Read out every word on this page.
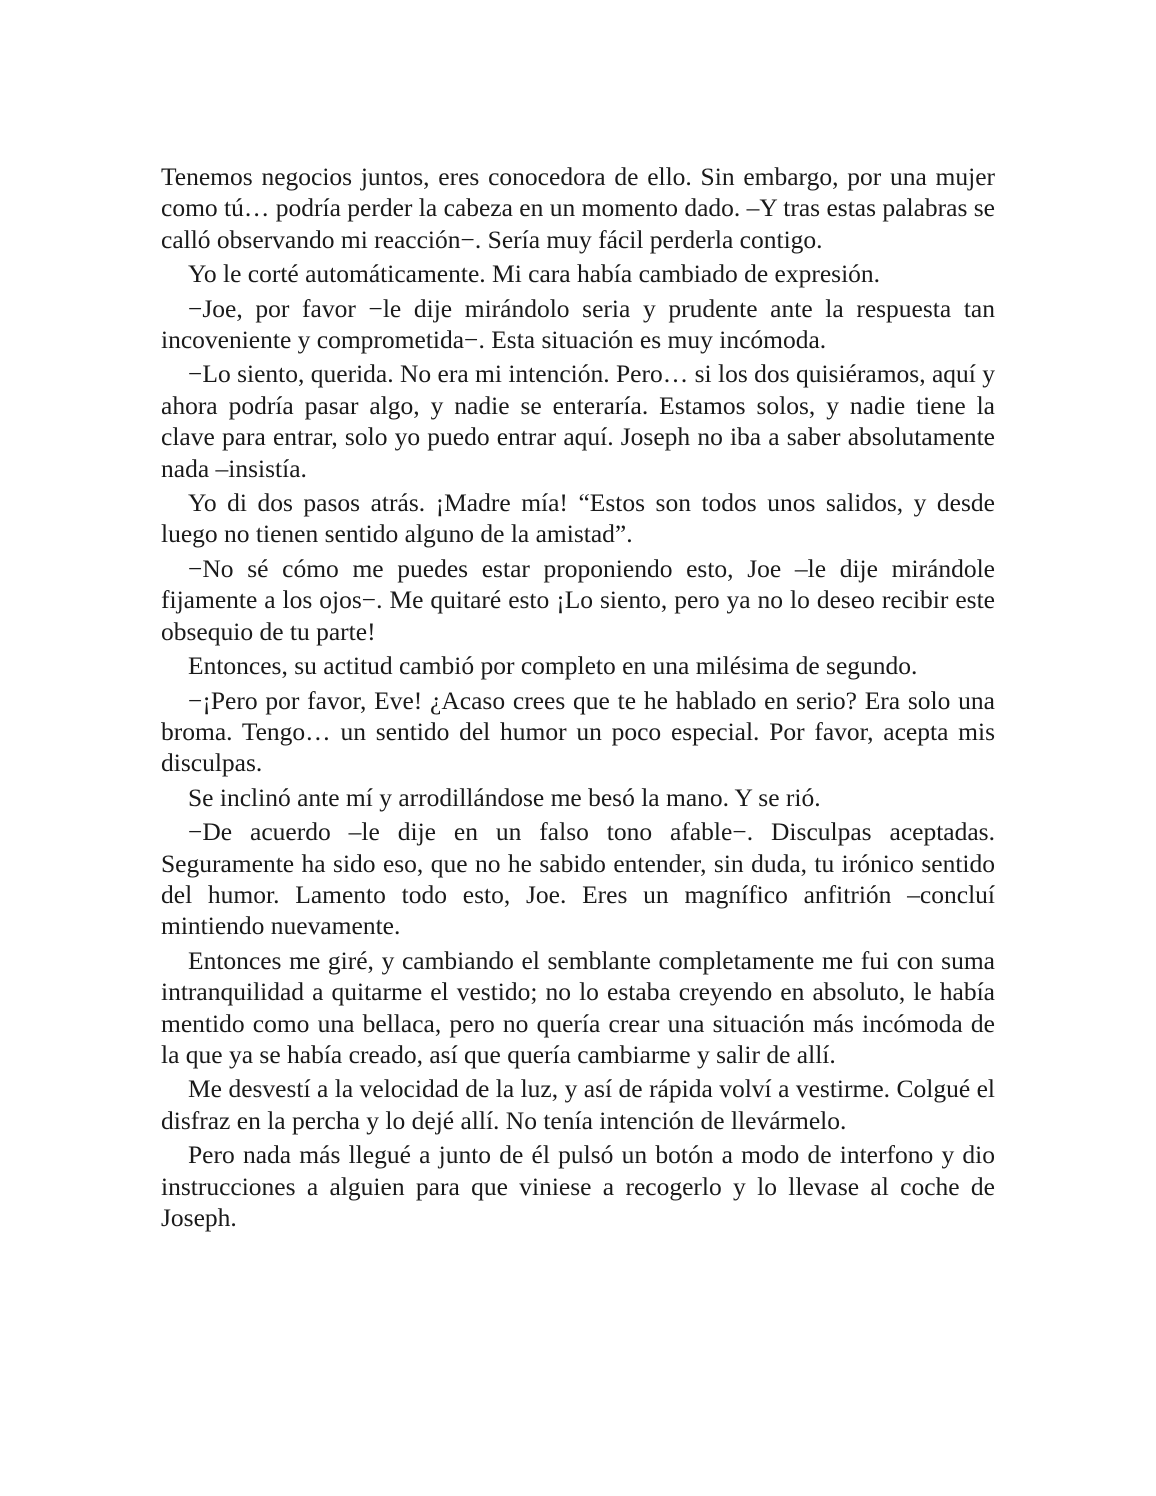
Tenemos negocios juntos, eres conocedora de ello. Sin embargo, por una mujer como tú… podría perder la cabeza en un momento dado. –Y tras estas palabras se calló observando mi reacción−. Sería muy fácil perderla contigo.

Yo le corté automáticamente. Mi cara había cambiado de expresión.

−Joe, por favor −le dije mirándolo seria y prudente ante la respuesta tan incoveniente y comprometida−. Esta situación es muy incómoda.

−Lo siento, querida. No era mi intención. Pero… si los dos quisiéramos, aquí y ahora podría pasar algo, y nadie se enteraría. Estamos solos, y nadie tiene la clave para entrar, solo yo puedo entrar aquí. Joseph no iba a saber absolutamente nada –insistía.

Yo di dos pasos atrás. ¡Madre mía! “Estos son todos unos salidos, y desde luego no tienen sentido alguno de la amistad”.

−No sé cómo me puedes estar proponiendo esto, Joe –le dije mirándole fijamente a los ojos−. Me quitaré esto ¡Lo siento, pero ya no lo deseo recibir este obsequio de tu parte!

Entonces, su actitud cambió por completo en una milésima de segundo.

−¡Pero por favor, Eve! ¿Acaso crees que te he hablado en serio? Era solo una broma. Tengo… un sentido del humor un poco especial. Por favor, acepta mis disculpas.

Se inclinó ante mí y arrodillándose me besó la mano. Y se rió.

−De acuerdo –le dije en un falso tono afable−. Disculpas aceptadas. Seguramente ha sido eso, que no he sabido entender, sin duda, tu irónico sentido del humor. Lamento todo esto, Joe. Eres un magnífico anfitrión –concluí mintiendo nuevamente.

Entonces me giré, y cambiando el semblante completamente me fui con suma intranquilidad a quitarme el vestido; no lo estaba creyendo en absoluto, le había mentido como una bellaca, pero no quería crear una situación más incómoda de la que ya se había creado, así que quería cambiarme y salir de allí.

Me desvestí a la velocidad de la luz, y así de rápida volví a vestirme. Colgué el disfraz en la percha y lo dejé allí. No tenía intención de llevármelo.

Pero nada más llegué a junto de él pulsó un botón a modo de interfono y dio instrucciones a alguien para que viniese a recogerlo y lo llevase al coche de Joseph.
